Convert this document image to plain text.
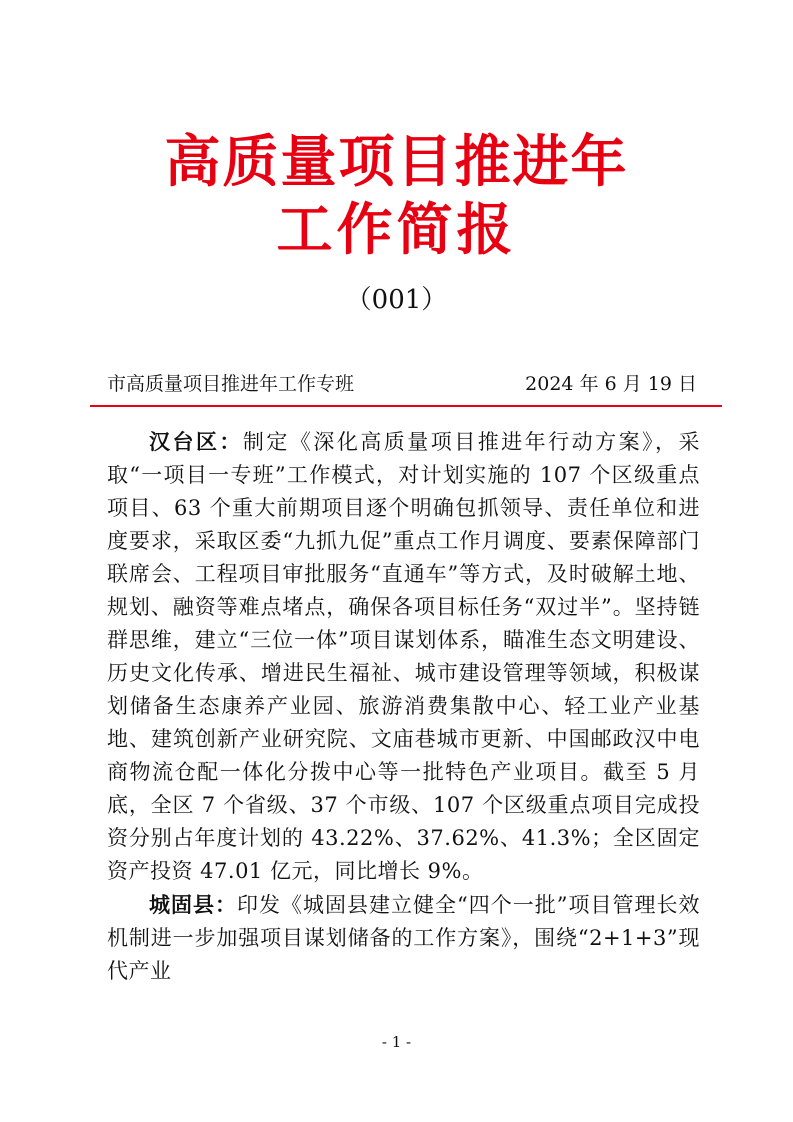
高质量项目推进年
工作简报
（001）
市高质量项目推进年工作专班	2024 年 6 月 19 日

汉台区：制定《深化高质量项目推进年行动方案》，采取“一项目一专班”工作模式，对计划实施的 107 个区级重点项目、63 个重大前期项目逐个明确包抓领导、责任单位和进度要求，采取区委“九抓九促”重点工作月调度、要素保障部门联席会、工程项目审批服务“直通车”等方式，及时破解土地、规划、融资等难点堵点，确保各项目标任务“双过半”。坚持链群思维，建立“三位一体”项目谋划体系，瞄准生态文明建设、历史文化传承、增进民生福祉、城市建设管理等领域，积极谋划储备生态康养产业园、旅游消费集散中心、轻工业产业基地、建筑创新产业研究院、文庙巷城市更新、中国邮政汉中电商物流仓配一体化分拨中心等一批特色产业项目。截至 5 月底，全区 7 个省级、37 个市级、107 个区级重点项目完成投资分别占年度计划的 43.22%、37.62%、41.3%；全区固定资产投资 47.01 亿元，同比增长 9%。

城固县：印发《城固县建立健全“四个一批”项目管理长效机制进一步加强项目谋划储备的工作方案》，围绕“2+1+3”现代产业

- 1 -
